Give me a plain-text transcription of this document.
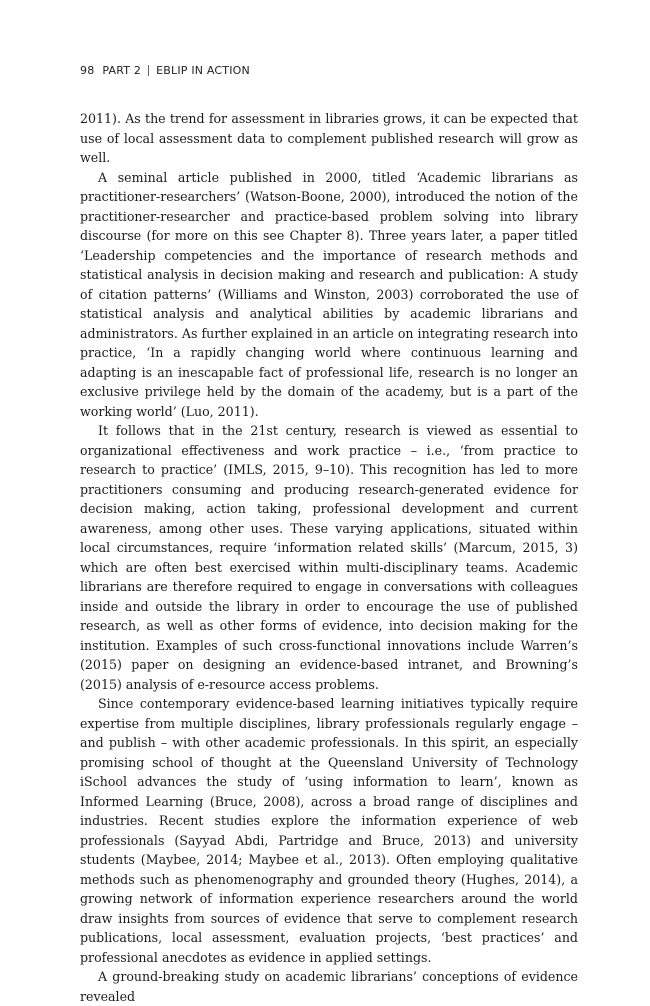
98 PART 2 EBLIP IN ACTION

2011). As the trend for assessment in libraries grows, it can be expected that use of local assessment data to complement published research will grow as well.

A seminal article published in 2000, titled ‘Academic librarians as practitioner-researchers’ (Watson-Boone, 2000), introduced the notion of the practitioner-researcher and practice-based problem solving into library discourse (for more on this see Chapter 8). Three years later, a paper titled ‘Leadership competencies and the importance of research methods and statistical analysis in decision making and research and publication: A study of citation patterns’ (Williams and Winston, 2003) corroborated the use of statistical analysis and analytical abilities by academic librarians and administrators. As further explained in an article on integrating research into practice, ‘In a rapidly changing world where continuous learning and adapting is an inescapable fact of professional life, research is no longer an exclusive privilege held by the domain of the academy, but is a part of the working world’ (Luo, 2011).

It follows that in the 21st century, research is viewed as essential to organizational effectiveness and work practice – i.e., ‘from practice to research to practice’ (IMLS, 2015, 9–10). This recognition has led to more practitioners consuming and producing research-generated evidence for decision making, action taking, professional development and current awareness, among other uses. These varying applications, situated within local circumstances, require ‘information related skills’ (Marcum, 2015, 3) which are often best exercised within multi-disciplinary teams. Academic librarians are therefore required to engage in conversations with colleagues inside and outside the library in order to encourage the use of published research, as well as other forms of evidence, into decision making for the institution. Examples of such cross-functional innovations include Warren’s (2015) paper on designing an evidence-based intranet, and Browning’s (2015) analysis of e-resource access problems.

Since contemporary evidence-based learning initiatives typically require expertise from multiple disciplines, library professionals regularly engage – and publish – with other academic professionals. In this spirit, an especially promising school of thought at the Queensland University of Technology iSchool advances the study of ‘using information to learn’, known as Informed Learning (Bruce, 2008), across a broad range of disciplines and industries. Recent studies explore the information experience of web professionals (Sayyad Abdi, Partridge and Bruce, 2013) and university students (Maybee, 2014; Maybee et al., 2013). Often employing qualitative methods such as phenomenography and grounded theory (Hughes, 2014), a growing network of information experience researchers around the world draw insights from sources of evidence that serve to complement research publications, local assessment, evaluation projects, ‘best practices’ and professional anecdotes as evidence in applied settings.

A ground-breaking study on academic librarians’ conceptions of evidence revealed
